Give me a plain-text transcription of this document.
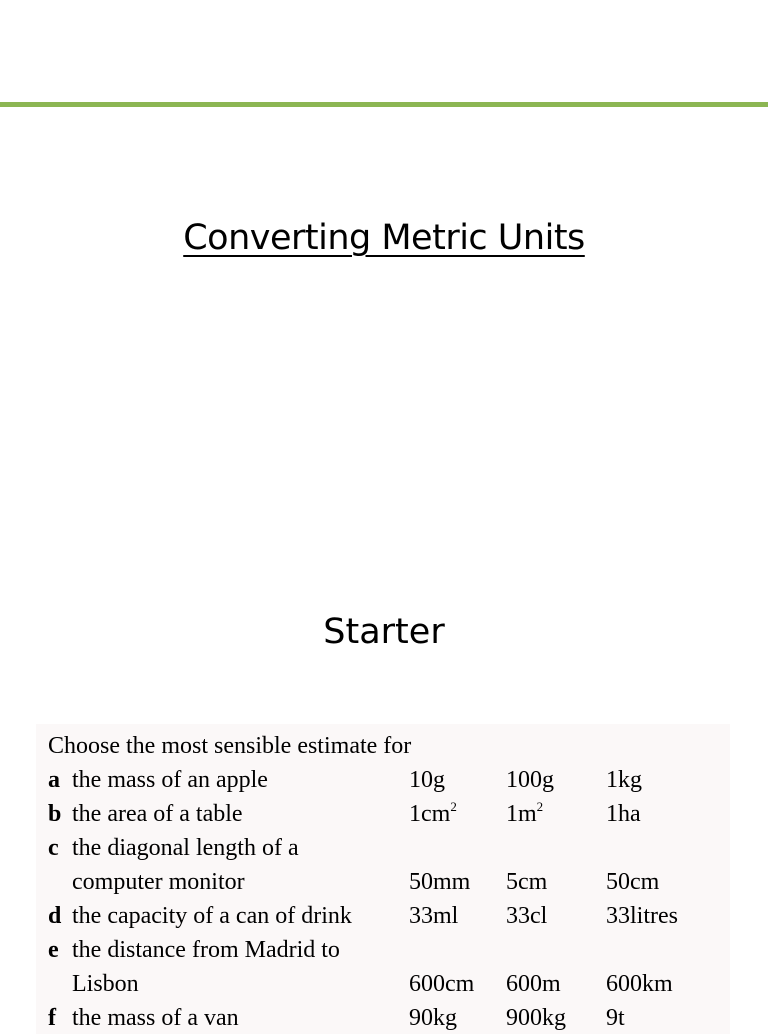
Converting Metric Units
Starter
Choose the most sensible estimate for
a the mass of an apple	10g	100g 1kg
b the area of a table	$1cm^2$ $1m^2$	1ha
c the diagonal length of a
computer monitor	50mm 5cm 50cm
d the capacity of a can of drink 33ml 33cl 33litres
e the distance from Madrid to
Lisbon	600cm 600m 600km
f the mass of a van	90kg 900kg 9t
